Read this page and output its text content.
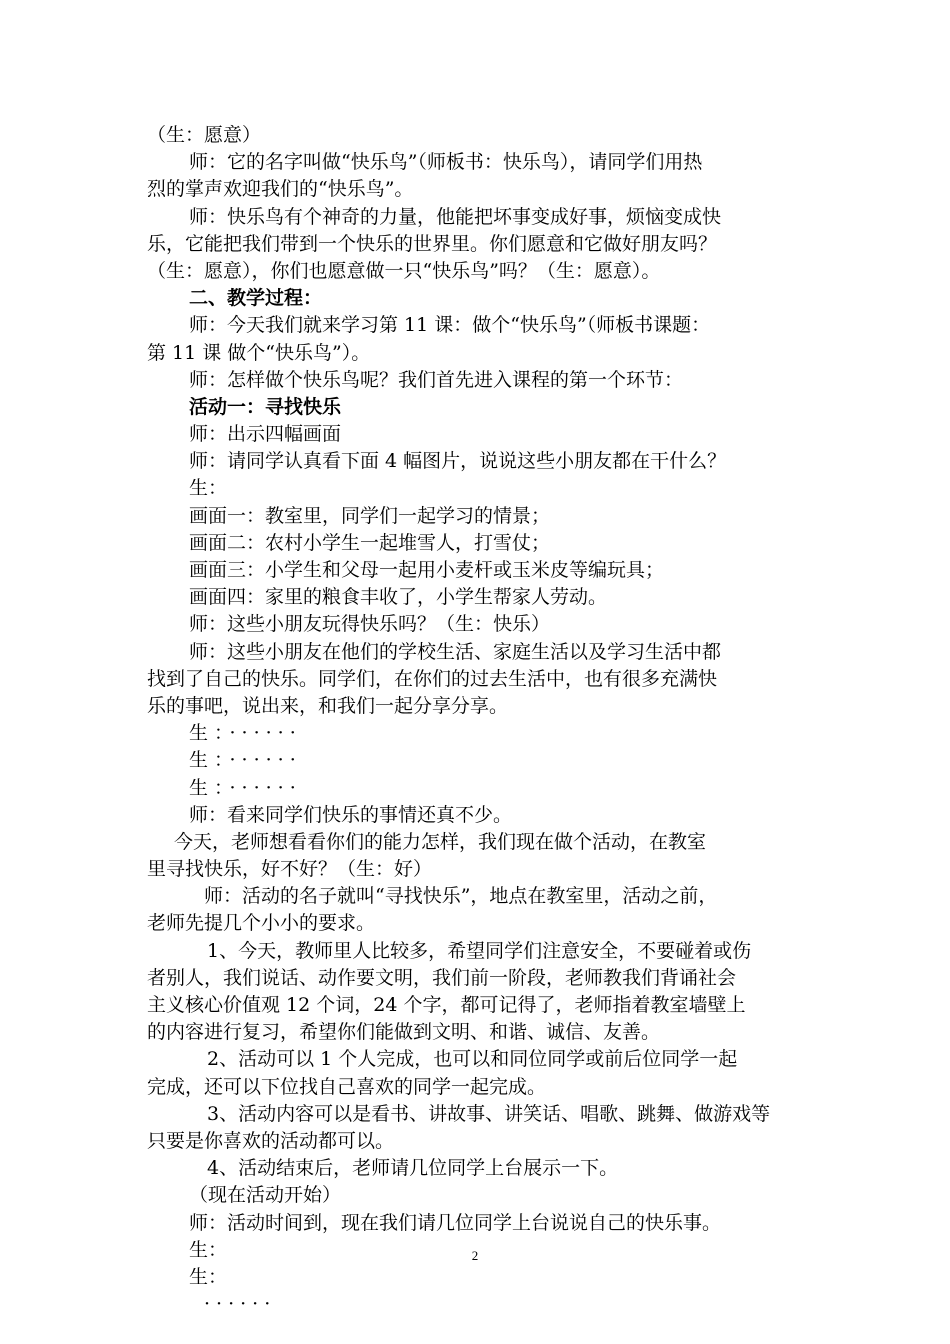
（生：愿意）
师：它的名字叫做“快乐鸟”（师板书：快乐鸟），请同学们用热
烈的掌声欢迎我们的“快乐鸟”。
师：快乐鸟有个神奇的力量，他能把坏事变成好事，烦恼变成快
乐，它能把我们带到一个快乐的世界里。你们愿意和它做好朋友吗？
（生：愿意），你们也愿意做一只“快乐鸟”吗？（生：愿意）。
二、教学过程：
师：今天我们就来学习第 11 课：做个“快乐鸟”（师板书课题：
第 11 课 做个“快乐鸟”）。
师：怎样做个快乐鸟呢？我们首先进入课程的第一个环节：
活动一：寻找快乐
师：出示四幅画面
师：请同学认真看下面 4 幅图片，说说这些小朋友都在干什么？
生：
画面一：教室里，同学们一起学习的情景；
画面二：农村小学生一起堆雪人，打雪仗；
画面三：小学生和父母一起用小麦杆或玉米皮等编玩具；
画面四：家里的粮食丰收了，小学生帮家人劳动。
师：这些小朋友玩得快乐吗？（生：快乐）
师：这些小朋友在他们的学校生活、家庭生活以及学习生活中都
找到了自己的快乐。同学们，在你们的过去生活中，也有很多充满快
乐的事吧，说出来，和我们一起分享分享。
生：······
生：······
生：······
师：看来同学们快乐的事情还真不少。
今天，老师想看看你们的能力怎样，我们现在做个活动，在教室
里寻找快乐，好不好？（生：好）
师：活动的名子就叫“寻找快乐”，地点在教室里，活动之前，
老师先提几个小小的要求。
1、今天，教师里人比较多，希望同学们注意安全，不要碰着或伤
者别人，我们说话、动作要文明，我们前一阶段，老师教我们背诵社会
主义核心价值观 12 个词，24 个字，都可记得了，老师指着教室墙壁上
的内容进行复习，希望你们能做到文明、和谐、诚信、友善。
2、活动可以 1 个人完成，也可以和同位同学或前后位同学一起
完成，还可以下位找自己喜欢的同学一起完成。
3、活动内容可以是看书、讲故事、讲笑话、唱歌、跳舞、做游戏等
只要是你喜欢的活动都可以。
4、活动结束后，老师请几位同学上台展示一下。
（现在活动开始）
师：活动时间到，现在我们请几位同学上台说说自己的快乐事。
生：
生：
······
2
